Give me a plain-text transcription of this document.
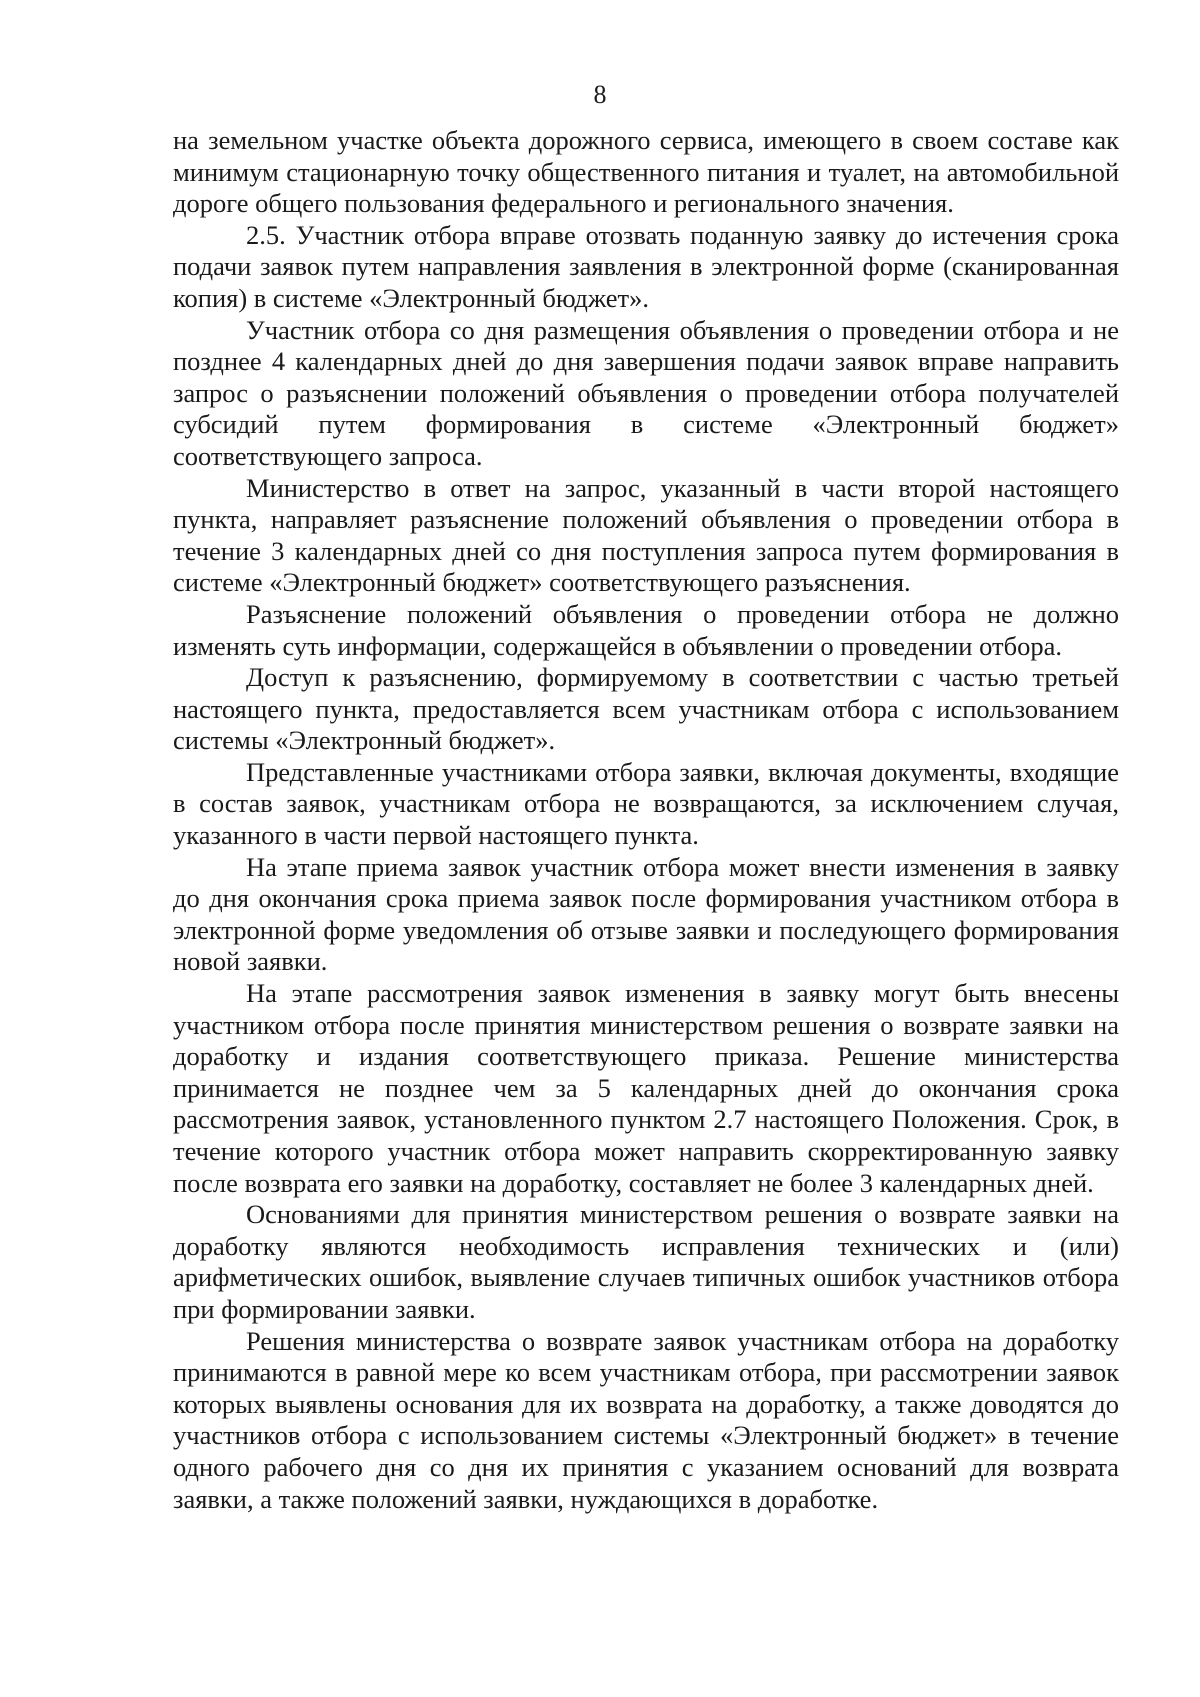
8

на земельном участке объекта дорожного сервиса, имеющего в своем составе как минимум стационарную точку общественного питания и туалет, на автомобильной дороге общего пользования федерального и регионального значения.

2.5. Участник отбора вправе отозвать поданную заявку до истечения срока подачи заявок путем направления заявления в электронной форме (сканированная копия) в системе «Электронный бюджет».

Участник отбора со дня размещения объявления о проведении отбора и не позднее 4 календарных дней до дня завершения подачи заявок вправе направить запрос о разъяснении положений объявления о проведении отбора получателей субсидий путем формирования в системе «Электронный бюджет» соответствующего запроса.

Министерство в ответ на запрос, указанный в части второй настоящего пункта, направляет разъяснение положений объявления о проведении отбора в течение 3 календарных дней со дня поступления запроса путем формирования в системе «Электронный бюджет» соответствующего разъяснения.

Разъяснение положений объявления о проведении отбора не должно изменять суть информации, содержащейся в объявлении о проведении отбора.

Доступ к разъяснению, формируемому в соответствии с частью третьей настоящего пункта, предоставляется всем участникам отбора с использованием системы «Электронный бюджет».

Представленные участниками отбора заявки, включая документы, входящие в состав заявок, участникам отбора не возвращаются, за исключением случая, указанного в части первой настоящего пункта.

На этапе приема заявок участник отбора может внести изменения в заявку до дня окончания срока приема заявок после формирования участником отбора в электронной форме уведомления об отзыве заявки и последующего формирования новой заявки.

На этапе рассмотрения заявок изменения в заявку могут быть внесены участником отбора после принятия министерством решения о возврате заявки на доработку и издания соответствующего приказа. Решение министерства принимается не позднее чем за 5 календарных дней до окончания срока рассмотрения заявок, установленного пунктом 2.7 настоящего Положения. Срок, в течение которого участник отбора может направить скорректированную заявку после возврата его заявки на доработку, составляет не более 3 календарных дней.

Основаниями для принятия министерством решения о возврате заявки на доработку являются необходимость исправления технических и (или) арифметических ошибок, выявление случаев типичных ошибок участников отбора при формировании заявки.

Решения министерства о возврате заявок участникам отбора на доработку принимаются в равной мере ко всем участникам отбора, при рассмотрении заявок которых выявлены основания для их возврата на доработку, а также доводятся до участников отбора с использованием системы «Электронный бюджет» в течение одного рабочего дня со дня их принятия с указанием оснований для возврата заявки, а также положений заявки, нуждающихся в доработке.
